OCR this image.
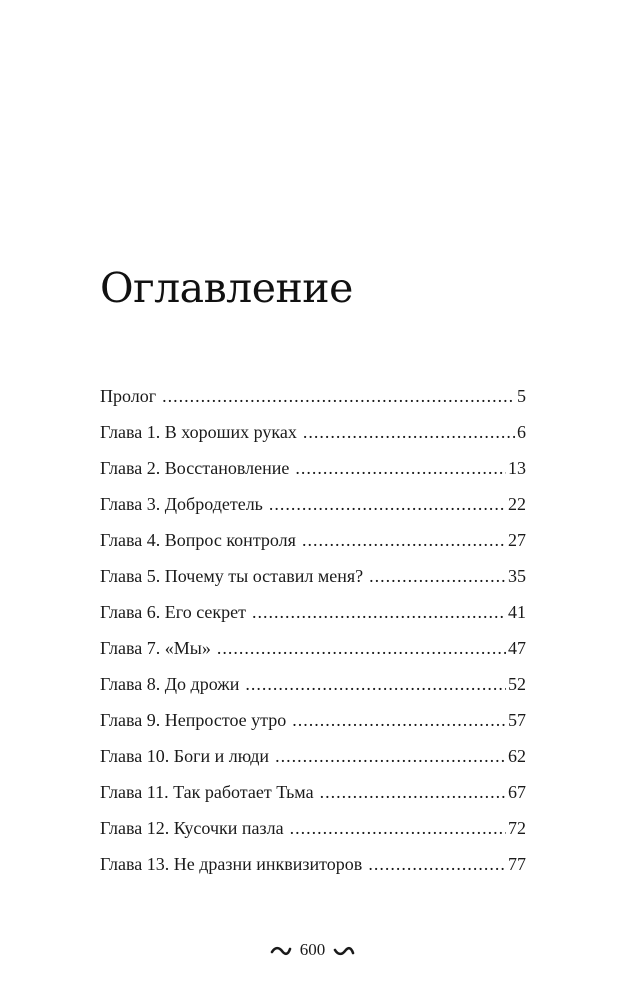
Оглавление
Пролог .....	5
Глава 1. В хороших руках .....	6
Глава 2. Восстановление .....	13
Глава 3. Добродетель .....	22
Глава 4. Вопрос контроля .....	27
Глава 5. Почему ты оставил меня? .....	35
Глава 6. Его секрет .....	41
Глава 7. «Мы» .....	47
Глава 8. До дрожи .....	52
Глава 9. Непростое утро .....	57
Глава 10. Боги и люди .....	62
Глава 11. Так работает Тьма .....	67
Глава 12. Кусочки пазла .....	72
Глава 13. Не дразни инквизиторов .....	77
600
